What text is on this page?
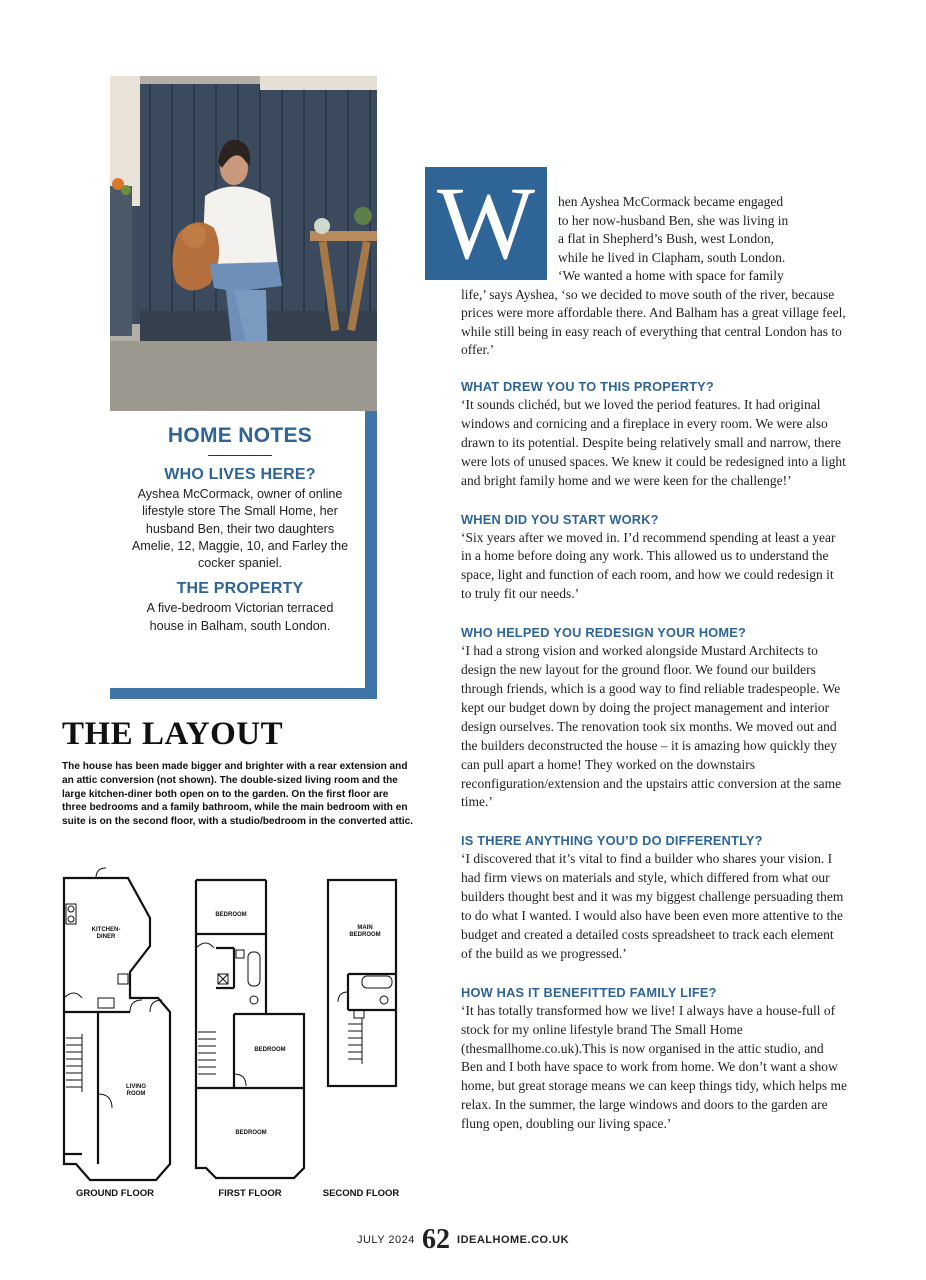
HOME NOTES
WHO LIVES HERE?

Ayshea McCormack, owner of online lifestyle store The Small Home, her husband Ben, their two daughters Amelie, 12, Maggie, 10, and Farley the cocker spaniel.

THE PROPERTY

A five-bedroom Victorian terraced house in Balham, south London.

THE LAYOUT

The house has been made bigger and brighter with a rear extension and an attic conversion (not shown). The double-sized living room and the large kitchen-diner both open on to the garden. On the first floor are three bedrooms and a family bathroom, while the main bedroom with en suite is on the second floor, with a studio/bedroom in the converted attic.

KITCHEN-
DINER
LIVING
ROOM
BEDROOM
BEDROOM
BEDROOM
MAIN
BEDROOM
GROUND FLOOR	FIRST FLOOR	SECOND FLOOR
W	hen Ayshea McCormack became engaged
to her now-husband Ben, she was living in
a flat in Shepherd’s Bush, west London,
while he lived in Clapham, south London.
‘We wanted a home with space for family
life,’ says Ayshea, ‘so we decided to move south of the river, because prices were more affordable there. And Balham has a great village feel, while still being in easy reach of everything that central London has to offer.’
WHAT DREW YOU TO THIS PROPERTY?

‘It sounds clichéd, but we loved the period features. It had original windows and cornicing and a fireplace in every room. We were also drawn to its potential. Despite being relatively small and narrow, there were lots of unused spaces. We knew it could be redesigned into a light and bright family home and we were keen for the challenge!’

WHEN DID YOU START WORK?

‘Six years after we moved in. I’d recommend spending at least a year in a home before doing any work. This allowed us to understand the space, light and function of each room, and how we could redesign it to truly fit our needs.’

WHO HELPED YOU REDESIGN YOUR HOME?

‘I had a strong vision and worked alongside Mustard Architects to design the new layout for the ground floor. We found our builders through friends, which is a good way to find reliable tradespeople. We kept our budget down by doing the project management and interior design ourselves. The renovation took six months. We moved out and the builders deconstructed the house – it is amazing how quickly they can pull apart a home! They worked on the downstairs reconfiguration/extension and the upstairs attic conversion at the same time.’

IS THERE ANYTHING YOU’D DO DIFFERENTLY?

‘I discovered that it’s vital to find a builder who shares your vision. I had firm views on materials and style, which differed from what our builders thought best and it was my biggest challenge persuading them to do what I wanted. I would also have been even more attentive to the budget and created a detailed costs spreadsheet to track each element of the build as we progressed.’

HOW HAS IT BENEFITTED FAMILY LIFE?

‘It has totally transformed how we live! I always have a house-full of stock for my online lifestyle brand The Small Home (thesmallhome.co.uk).This is now organised in the attic studio, and Ben and I both have space to work from home. We don’t want a show home, but great storage means we can keep things tidy, which helps me relax. In the summer, the large windows and doors to the garden are flung open, doubling our living space.’

JULY 2024 62 IDEALHOME.CO.UK
